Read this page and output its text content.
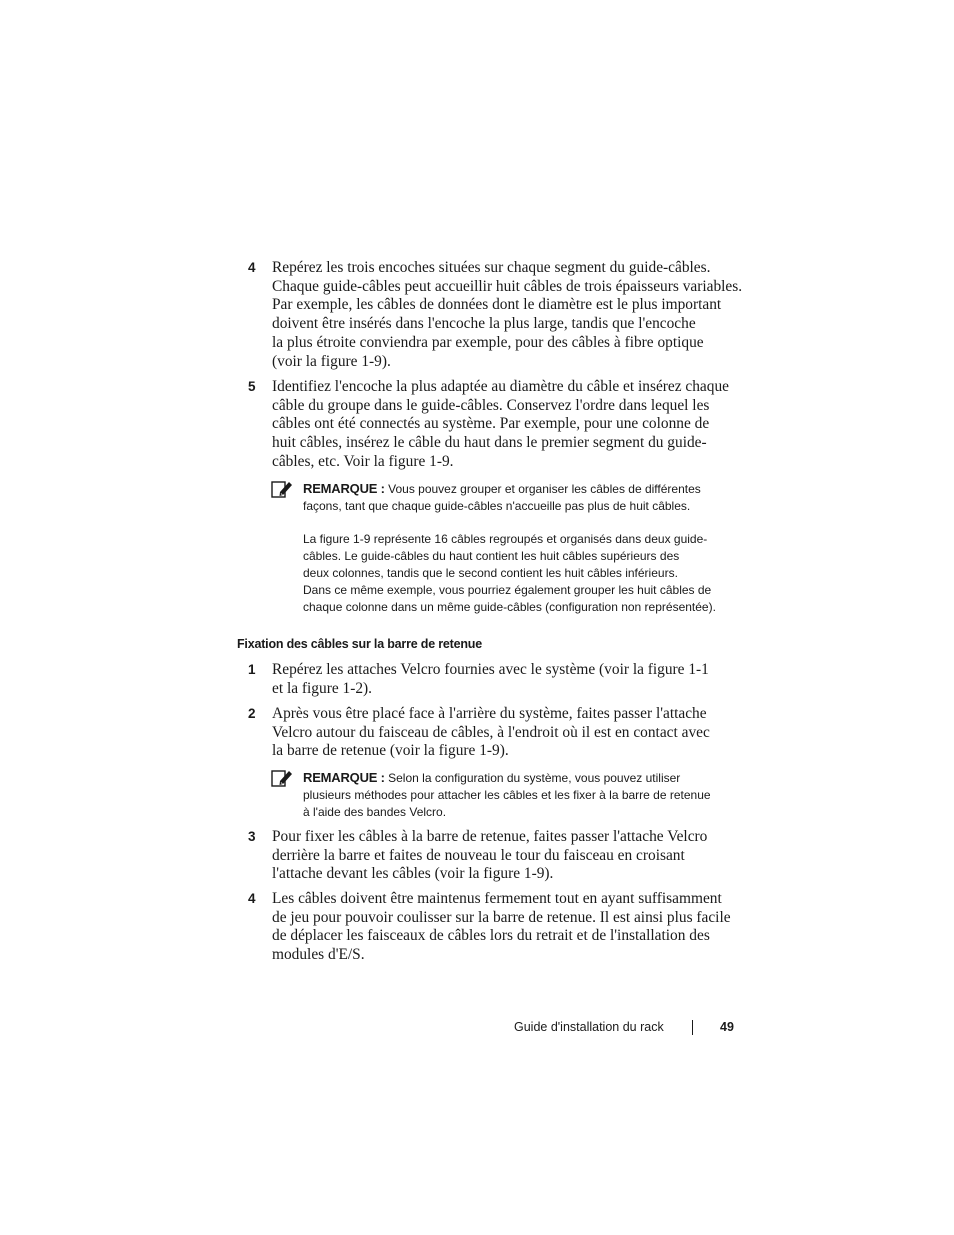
4	Repérez les trois encoches situées sur chaque segment du guide-câbles.
Chaque guide-câbles peut accueillir huit câbles de trois épaisseurs variables.
Par exemple, les câbles de données dont le diamètre est le plus important
doivent être insérés dans l'encoche la plus large, tandis que l'encoche
la plus étroite conviendra par exemple, pour des câbles à fibre optique
(voir la figure 1-9).
5	Identifiez l'encoche la plus adaptée au diamètre du câble et insérez chaque
câble du groupe dans le guide-câbles. Conservez l'ordre dans lequel les
câbles ont été connectés au système. Par exemple, pour une colonne de
huit câbles, insérez le câble du haut dans le premier segment du guide-
câbles, etc. Voir la figure 1-9.
REMARQUE : Vous pouvez grouper et organiser les câbles de différentes
façons, tant que chaque guide-câbles n'accueille pas plus de huit câbles.
La figure 1-9 représente 16 câbles regroupés et organisés dans deux guide-
câbles. Le guide-câbles du haut contient les huit câbles supérieurs des
deux colonnes, tandis que le second contient les huit câbles inférieurs.
Dans ce même exemple, vous pourriez également grouper les huit câbles de
chaque colonne dans un même guide-câbles (configuration non représentée).
Fixation des câbles sur la barre de retenue
1	Repérez les attaches Velcro fournies avec le système (voir la figure 1-1
et la figure 1-2).
2	Après vous être placé face à l'arrière du système, faites passer l'attache
Velcro autour du faisceau de câbles, à l'endroit où il est en contact avec
la barre de retenue (voir la figure 1-9).
REMARQUE : Selon la configuration du système, vous pouvez utiliser
plusieurs méthodes pour attacher les câbles et les fixer à la barre de retenue
à l'aide des bandes Velcro.
3	Pour fixer les câbles à la barre de retenue, faites passer l'attache Velcro
derrière la barre et faites de nouveau le tour du faisceau en croisant
l'attache devant les câbles (voir la figure 1-9).
4	Les câbles doivent être maintenus fermement tout en ayant suffisamment
de jeu pour pouvoir coulisser sur la barre de retenue. Il est ainsi plus facile
de déplacer les faisceaux de câbles lors du retrait et de l'installation des
modules d'E/S.
Guide d'installation du rack	49
